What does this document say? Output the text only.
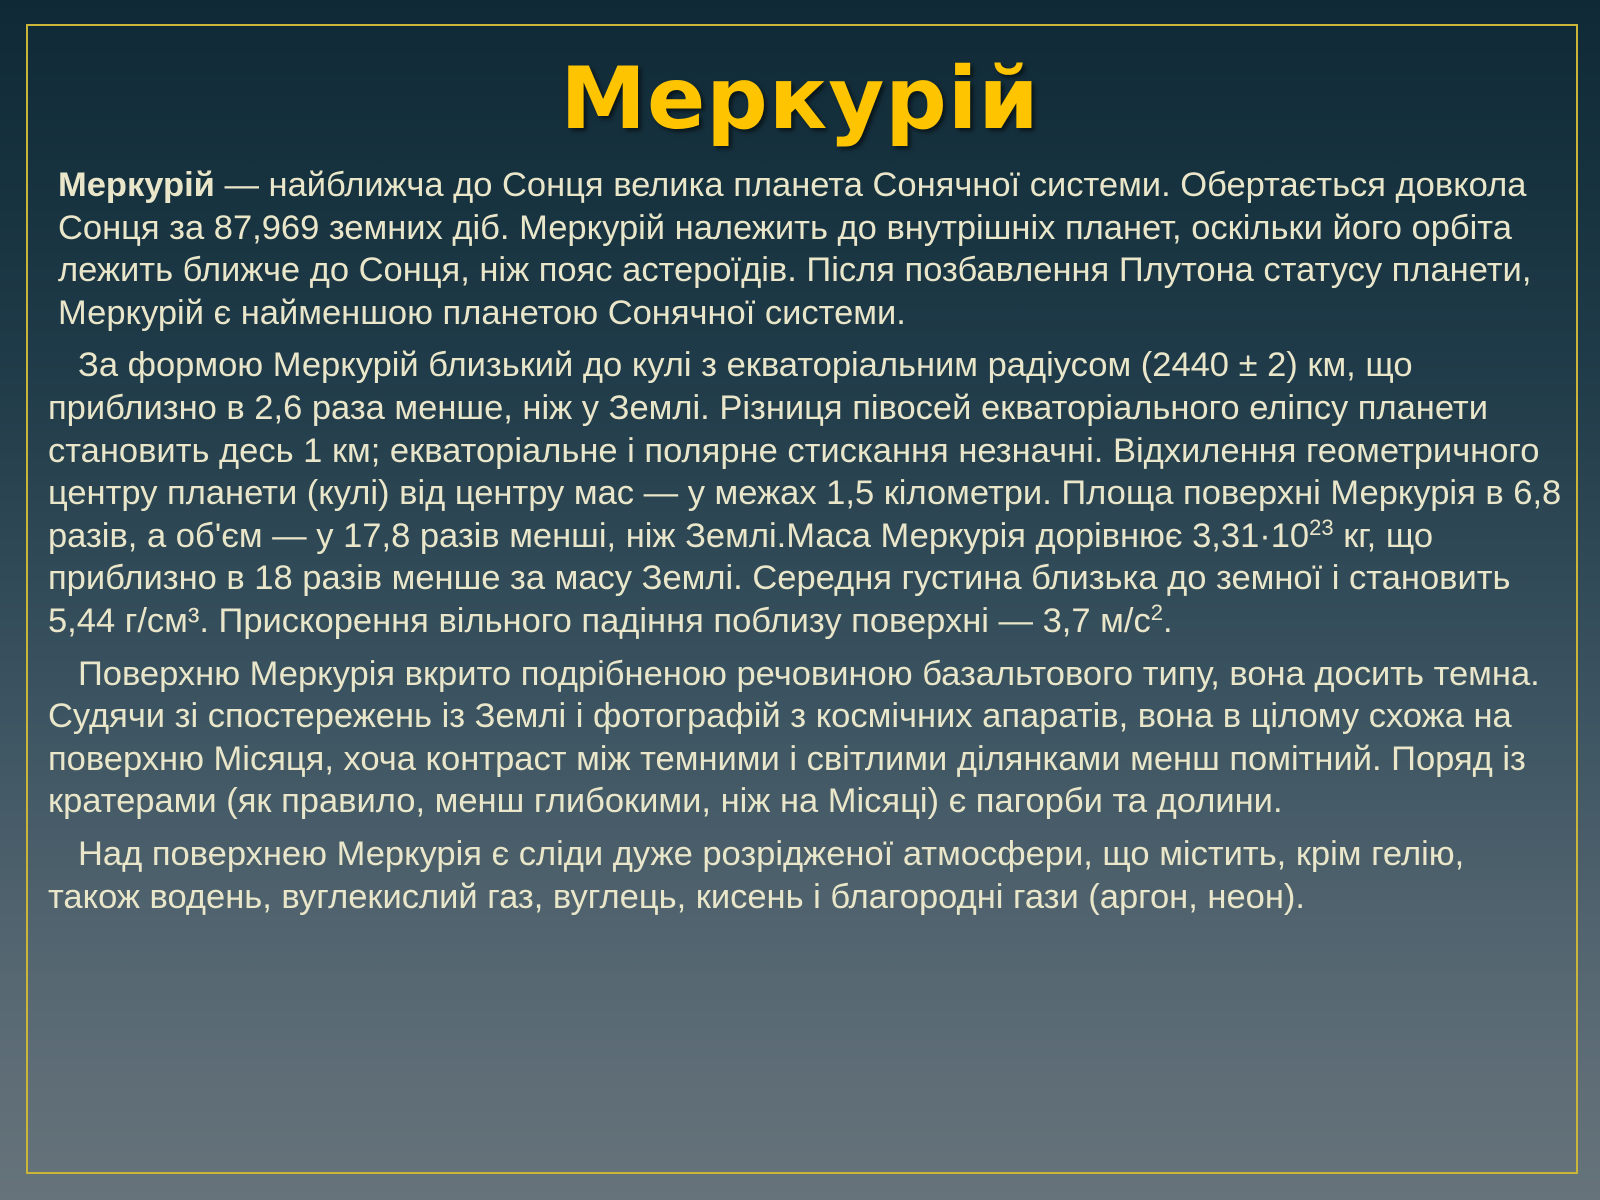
Меркурій

Меркурій — найближча до Сонця велика планета Сонячної системи. Обертається довкола Сонця за 87,969 земних діб. Меркурій належить до внутрішніх планет, оскільки його орбіта лежить ближче до Сонця, ніж пояс астероїдів. Після позбавлення Плутона статусу планети, Меркурій є найменшою планетою Сонячної системи.

За формою Меркурій близький до кулі з екваторіальним радіусом (2440 ± 2) км, що приблизно в 2,6 раза менше, ніж у Землі. Різниця півосей екваторіального еліпсу планети становить десь 1 км; екваторіальне і полярне стискання незначні. Відхилення геометричного центру планети (кулі) від центру мас — у межах 1,5 кілометри. Площа поверхні Меркурія в 6,8 разів, а об'єм — у 17,8 разів менші, ніж Землі.Маса Меркурія дорівнює $3,31\cdot 10^{23}$ кг, що приблизно в 18 разів менше за масу Землі. Середня густина близька до земної і становить 5,44 г/см³. Прискорення вільного падіння поблизу поверхні — 3,7 $м/с^2$.

Поверхню Меркурія вкрито подрібненою речовиною базальтового типу, вона досить темна. Судячи зі спостережень із Землі і фотографій з космічних апаратів, вона в цілому схожа на поверхню Місяця, хоча контраст між темними і світлими ділянками менш помітний. Поряд із кратерами (як правило, менш глибокими, ніж на Місяці) є пагорби та долини.

Над поверхнею Меркурія є сліди дуже розрідженої атмосфери, що містить, крім гелію, також водень, вуглекислий газ, вуглець, кисень і благородні гази (аргон, неон).
